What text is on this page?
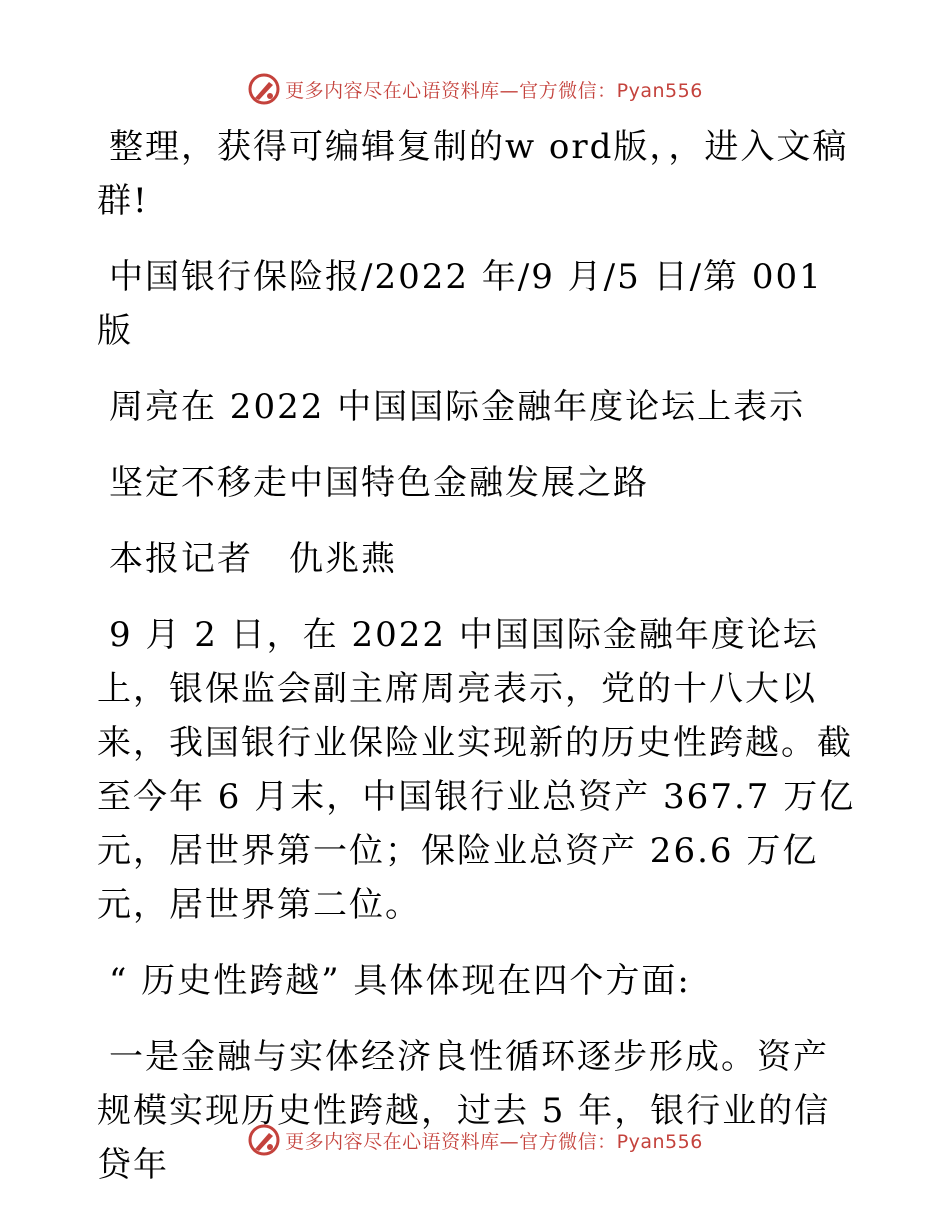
更多内容尽在心语资料库—官方微信：Pyan556

整理，获得可编辑复制的w ord版，，进入文稿群!

中国银行保险报/2022 年/9 月/5 日/第 001 版

周亮在 2022 中国国际金融年度论坛上表示

坚定不移走中国特色金融发展之路

本报记者　仇兆燕

9 月 2 日，在 2022 中国国际金融年度论坛上，银保监会副主席周亮表示，党的十八大以来，我国银行业保险业实现新的历史性跨越。截至今年 6 月末，中国银行业总资产 367.7 万亿元，居世界第一位；保险业总资产 26.6 万亿元，居世界第二位。

“ 历史性跨越” 具体体现在四个方面:

一是金融与实体经济良性循环逐步形成。资产规模实现历史性跨越，过去 5 年，银行业的信贷年

更多内容尽在心语资料库—官方微信：Pyan556
